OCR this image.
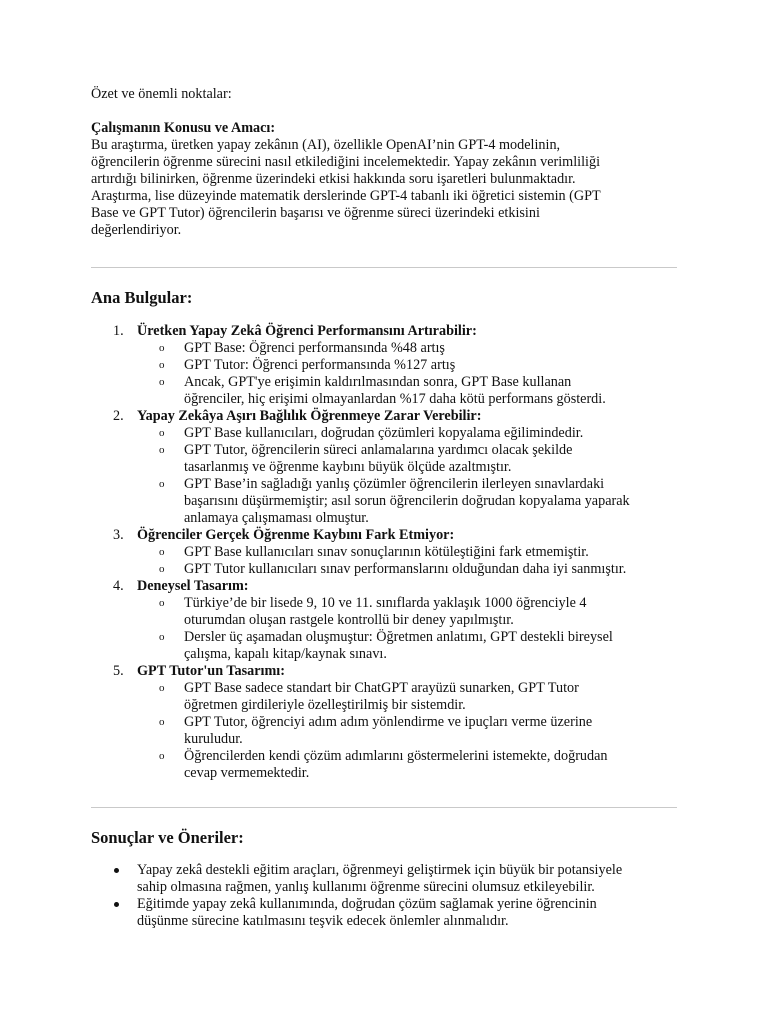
Özet ve önemli noktalar:
Çalışmanın Konusu ve Amacı:
Bu araştırma, üretken yapay zekânın (AI), özellikle OpenAI’nin GPT-4 modelinin,
öğrencilerin öğrenme sürecini nasıl etkilediğini incelemektedir. Yapay zekânın verimliliği
artırdığı bilinirken, öğrenme üzerindeki etkisi hakkında soru işaretleri bulunmaktadır.
Araştırma, lise düzeyinde matematik derslerinde GPT-4 tabanlı iki öğretici sistemin (GPT
Base ve GPT Tutor) öğrencilerin başarısı ve öğrenme süreci üzerindeki etkisini
değerlendiriyor.
Ana Bulgular:
1. Üretken Yapay Zekâ Öğrenci Performansını Artırabilir:
o GPT Base: Öğrenci performansında %48 artış
o GPT Tutor: Öğrenci performansında %127 artış
o Ancak, GPT'ye erişimin kaldırılmasından sonra, GPT Base kullanan
öğrenciler, hiç erişimi olmayanlardan %17 daha kötü performans gösterdi.
2. Yapay Zekâya Aşırı Bağlılık Öğrenmeye Zarar Verebilir:
o GPT Base kullanıcıları, doğrudan çözümleri kopyalama eğilimindedir.
o GPT Tutor, öğrencilerin süreci anlamalarına yardımcı olacak şekilde
tasarlanmış ve öğrenme kaybını büyük ölçüde azaltmıştır.
o GPT Base’in sağladığı yanlış çözümler öğrencilerin ilerleyen sınavlardaki
başarısını düşürmemiştir; asıl sorun öğrencilerin doğrudan kopyalama yaparak
anlamaya çalışmaması olmuştur.
3. Öğrenciler Gerçek Öğrenme Kaybını Fark Etmiyor:
o GPT Base kullanıcıları sınav sonuçlarının kötüleştiğini fark etmemiştir.
o GPT Tutor kullanıcıları sınav performanslarını olduğundan daha iyi sanmıştır.
4. Deneysel Tasarım:
o Türkiye’de bir lisede 9, 10 ve 11. sınıflarda yaklaşık 1000 öğrenciyle 4
oturumdan oluşan rastgele kontrollü bir deney yapılmıştır.
o Dersler üç aşamadan oluşmuştur: Öğretmen anlatımı, GPT destekli bireysel
çalışma, kapalı kitap/kaynak sınavı.
5. GPT Tutor'un Tasarımı:
o GPT Base sadece standart bir ChatGPT arayüzü sunarken, GPT Tutor
öğretmen girdileriyle özelleştirilmiş bir sistemdir.
o GPT Tutor, öğrenciyi adım adım yönlendirme ve ipuçları verme üzerine
kuruludur.
o Öğrencilerden kendi çözüm adımlarını göstermelerini istemekte, doğrudan
cevap vermemektedir.
Sonuçlar ve Öneriler:
Yapay zekâ destekli eğitim araçları, öğrenmeyi geliştirmek için büyük bir potansiyele
sahip olmasına rağmen, yanlış kullanımı öğrenme sürecini olumsuz etkileyebilir.
Eğitimde yapay zekâ kullanımında, doğrudan çözüm sağlamak yerine öğrencinin
düşünme sürecine katılmasını teşvik edecek önlemler alınmalıdır.
